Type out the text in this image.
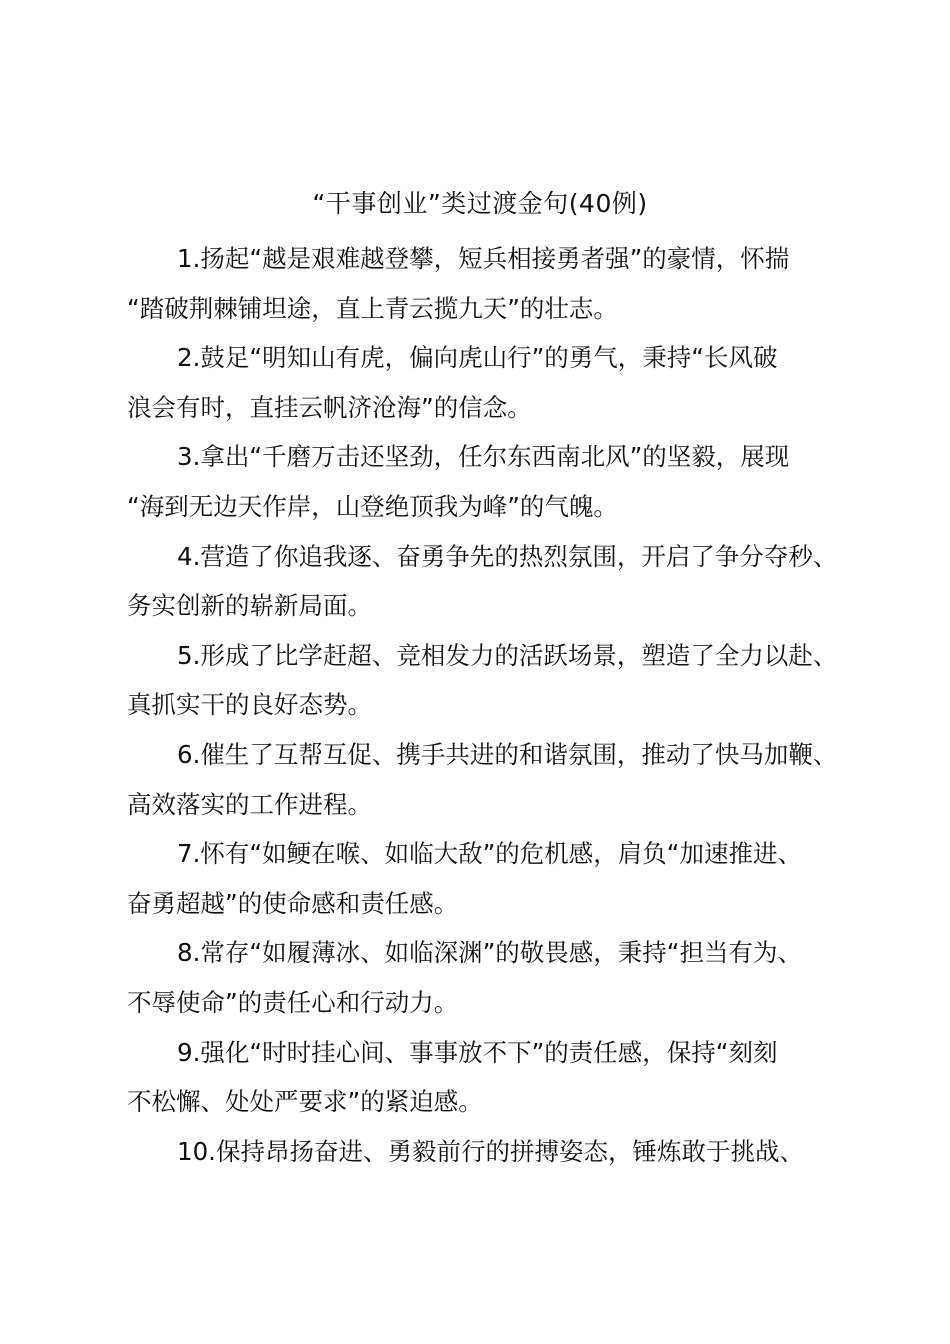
“干事创业”类过渡金句(40例)
1.扬起“越是艰难越登攀，短兵相接勇者强”的豪情，怀揣
“踏破荆棘铺坦途，直上青云揽九天”的壮志。
2.鼓足“明知山有虎，偏向虎山行”的勇气，秉持“长风破
浪会有时，直挂云帆济沧海”的信念。
3.拿出“千磨万击还坚劲，任尔东西南北风”的坚毅，展现
“海到无边天作岸，山登绝顶我为峰”的气魄。
4.营造了你追我逐、奋勇争先的热烈氛围，开启了争分夺秒、
务实创新的崭新局面。
5.形成了比学赶超、竞相发力的活跃场景，塑造了全力以赴、
真抓实干的良好态势。
6.催生了互帮互促、携手共进的和谐氛围，推动了快马加鞭、
高效落实的工作进程。
7.怀有“如鲠在喉、如临大敌”的危机感，肩负“加速推进、
奋勇超越”的使命感和责任感。
8.常存“如履薄冰、如临深渊”的敬畏感，秉持“担当有为、
不辱使命”的责任心和行动力。
9.强化“时时挂心间、事事放不下”的责任感，保持“刻刻
不松懈、处处严要求”的紧迫感。
10.保持昂扬奋进、勇毅前行的拼搏姿态，锤炼敢于挑战、
